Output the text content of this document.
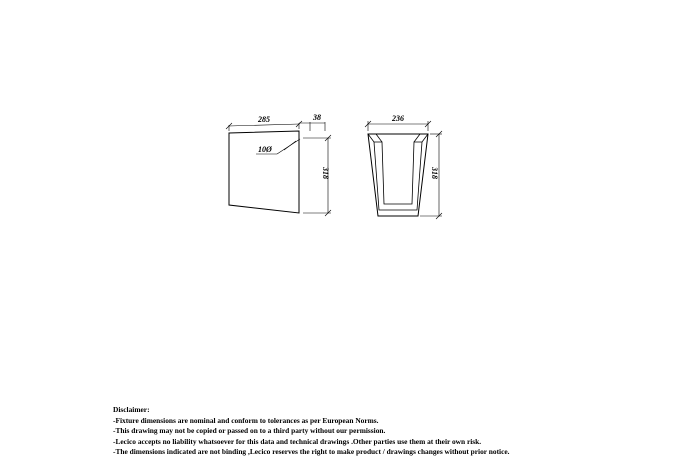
285	38
10Ø
318
236
318
Disclaimer:
-Fixture dimensions are nominal and conform to tolerances as per European Norms.
-This drawing may not be copied or passed on to a third party without our permission.
-Lecico accepts no liability whatsoever for this data and technical drawings .Other parties use them at their own risk.
-The dimensions indicated are not binding ,Lecico reserves the right to make product / drawings changes without prior notice.
